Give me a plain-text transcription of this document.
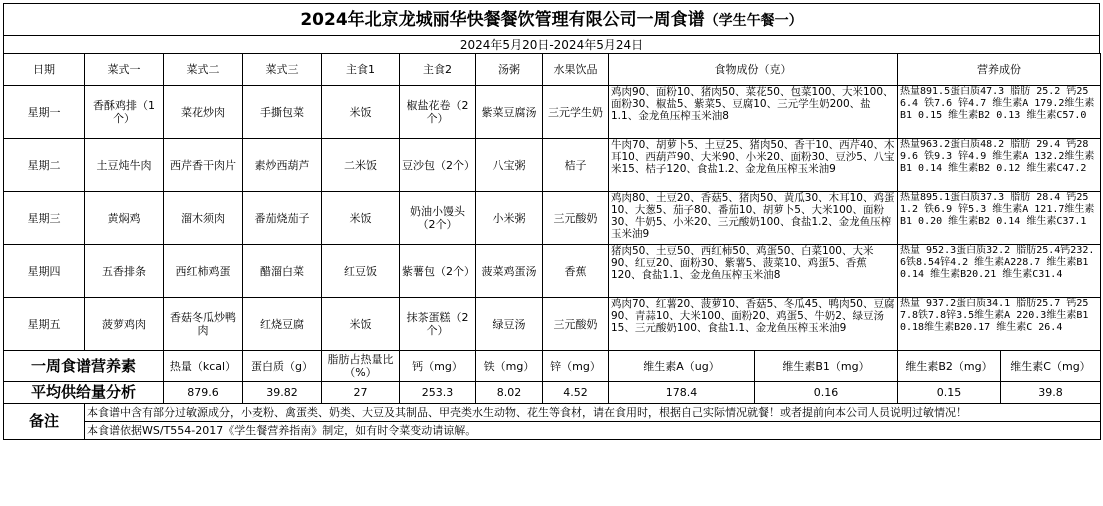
2024年北京龙城丽华快餐餐饮管理有限公司一周食谱（学生午餐一）
2024年5月20日-2024年5月24日
日期	菜式一	菜式二	菜式三	主食1	主食2	汤粥	水果饮品	食物成份（克）		营养成份	
星期一	香酥鸡排（1个）	菜花炒肉	手撕包菜	米饭	椒盐花卷（2个）	紫菜豆腐汤	三元学生奶	鸡肉90、面粉10、猪肉50、菜花50、包菜100、大米100、面粉30、椒盐5、紫菜5、豆腐10、三元学生奶200、盐1.1、金龙鱼压榨玉米油8		热量891.5蛋白质47.3 脂肪 25.2 钙256.4 铁7.6 锌4.7 维生素A 179.2维生素B1 0.15 维生素B2 0.13 维生素C57.0	
星期二	土豆炖牛肉	西芹香干肉片	素炒西葫芦	二米饭	豆沙包（2个）	八宝粥	桔子	牛肉70、胡萝卜5、土豆25、猪肉50、香干10、西芹40、木耳10、西葫芦90、大米90、小米20、面粉30、豆沙5、八宝米15、桔子120、食盐1.2、金龙鱼压榨玉米油9		热量963.2蛋白质48.2 脂肪 29.4 钙289.6 铁9.3 锌4.9 维生素A 132.2维生素B1 0.14 维生素B2 0.12 维生素C47.2	
星期三	黄焖鸡	溜木须肉	番茄烧茄子	米饭	奶油小馒头（2个）	小米粥	三元酸奶	鸡肉80、土豆20、香菇5、猪肉50、黄瓜30、木耳10、鸡蛋10、大葱5、茄子80、番茄10、胡萝卜5、大米100、面粉30、牛奶5、小米20、三元酸奶100、食盐1.2、金龙鱼压榨玉米油9		热量895.1蛋白质37.3 脂肪 28.4 钙251.2 铁6.9 锌5.3 维生素A 121.7维生素B1 0.20 维生素B2 0.14 维生素C37.1	
星期四	五香排条	西红柿鸡蛋	醋溜白菜	红豆饭	紫薯包（2个）	菠菜鸡蛋汤	香蕉	猪肉50、土豆50、西红柿50、鸡蛋50、白菜100、大米90、红豆20、面粉30、紫薯5、菠菜10、鸡蛋5、香蕉120、食盐1.1、金龙鱼压榨玉米油8		热量 952.3蛋白质32.2 脂肪25.4钙232.6铁8.54锌4.2 维生素A228.7 维生素B10.14 维生素B20.21 维生素C31.4	
星期五	菠萝鸡肉	香菇冬瓜炒鸭肉	红烧豆腐	米饭	抹茶蛋糕（2个）	绿豆汤	三元酸奶	鸡肉70、红薯20、菠萝10、香菇5、冬瓜45、鸭肉50、豆腐90、青蒜10、大米100、面粉20、鸡蛋5、牛奶2、绿豆汤15、三元酸奶100、食盐1.1、金龙鱼压榨玉米油9		热量 937.2蛋白质34.1 脂肪25.7 钙257.8铁7.8锌3.5维生素A 220.3维生素B1 0.18维生素B20.17 维生素C 26.4	
一周食谱营养素		热量（kcal）	蛋白质（g）	脂肪占热量比（%）	钙（mg）	铁（mg）	锌（mg）	维生素A（ug）	维生素B1（mg）	维生素B2（mg）	维生素C（mg）
平均供给量分析		879.6	39.82	27	253.3	8.02	4.52	178.4	0.16	0.15	39.8
备注	本食谱中含有部分过敏源成分，小麦粉、禽蛋类、奶类、大豆及其制品、甲壳类水生动物、花生等食材，请在食用时，根据自己实际情况就餐！或者提前向本公司人员说明过敏情况！										
	本食谱依据WS/T554-2017《学生餐营养指南》制定，如有时令菜变动请谅解。										
